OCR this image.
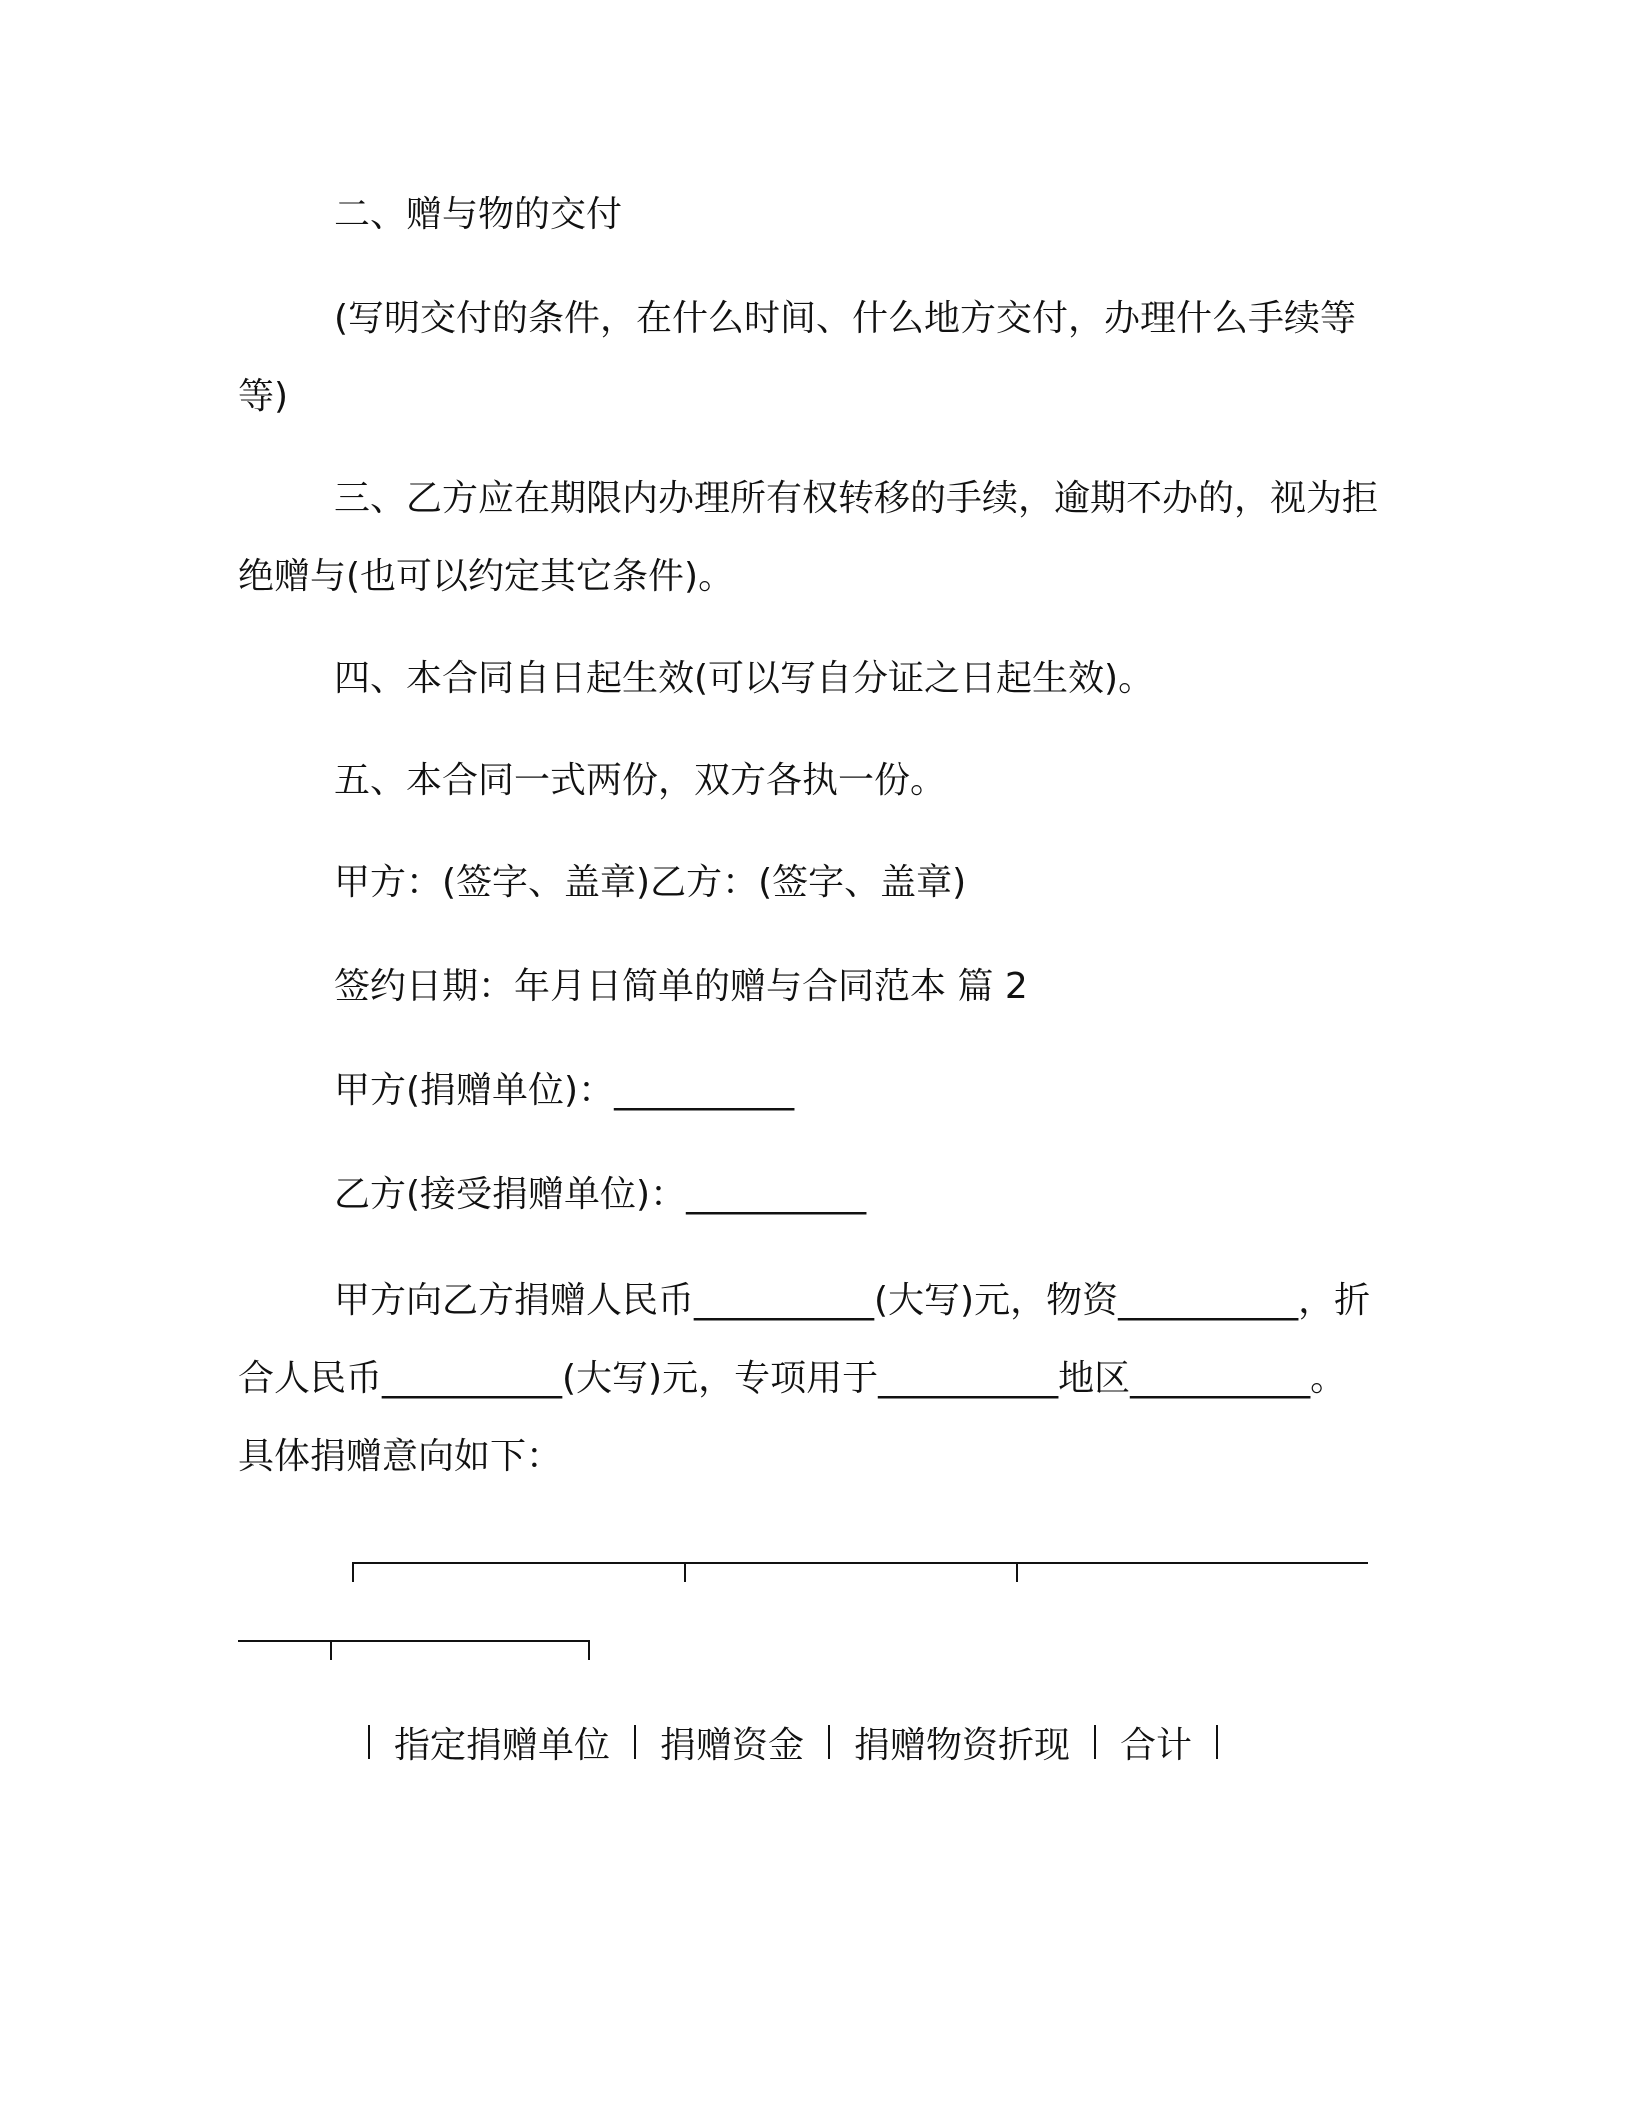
二、赠与物的交付

(写明交付的条件，在什么时间、什么地方交付，办理什么手续等等)

三、乙方应在期限内办理所有权转移的手续，逾期不办的，视为拒绝赠与(也可以约定其它条件)。

四、本合同自日起生效(可以写自分证之日起生效)。

五、本合同一式两份，双方各执一份。

甲方：(签字、盖章)乙方：(签字、盖章)

签约日期：年月日简单的赠与合同范本 篇 2

甲方(捐赠单位)：__________

乙方(接受捐赠单位)：__________

甲方向乙方捐赠人民币__________(大写)元，物资__________，折合人民币__________(大写)元，专项用于__________地区__________。具体捐赠意向如下：

指定捐赠单位 捐赠资金 捐赠物资折现 合计
